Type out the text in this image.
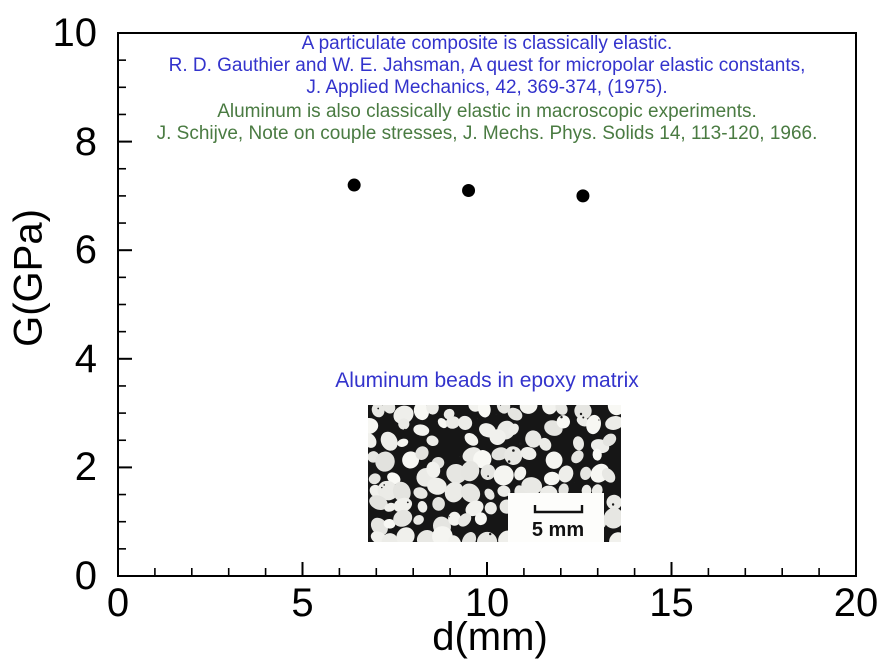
G(GPa)
d(mm)
A particulate composite is classically elastic.
R. D. Gauthier and W. E. Jahsman, A quest for micropolar elastic constants,
J. Applied Mechanics, 42, 369-374, (1975).
Aluminum is also classically elastic in macroscopic experiments.
J. Schijve, Note on couple stresses, J. Mechs. Phys. Solids 14, 113-120, 1966.
Aluminum beads in epoxy matrix
5 mm
0	5	10	15	20
0
2
4
6
8
10
